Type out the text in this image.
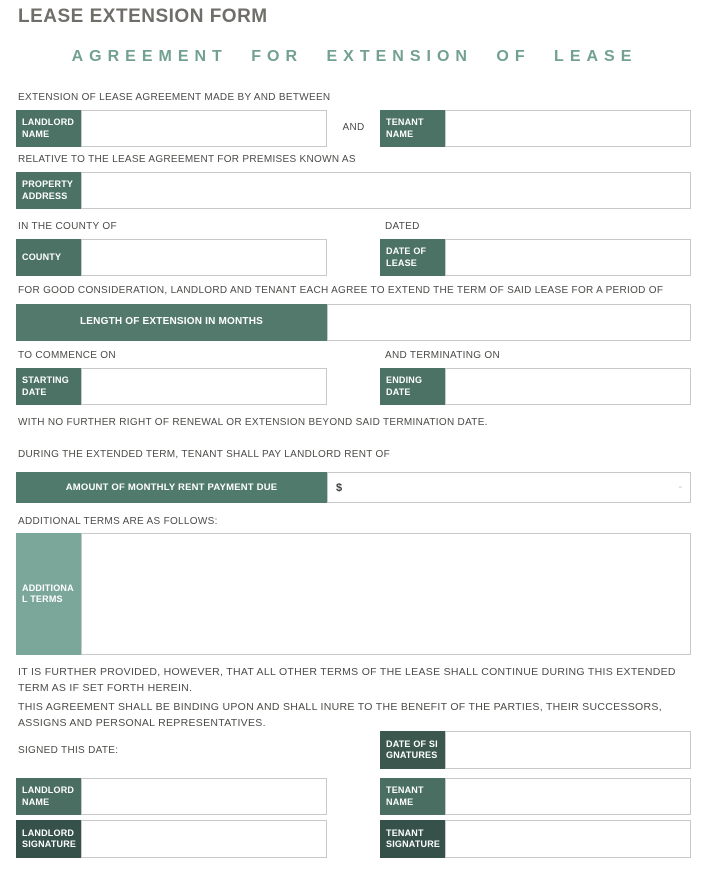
LEASE EXTENSION FORM
AGREEMENT FOR EXTENSION OF LEASE
EXTENSION OF LEASE AGREEMENT MADE BY AND BETWEEN
LANDLORD NAME
AND	TENANT NAME
RELATIVE TO THE LEASE AGREEMENT FOR PREMISES KNOWN AS
PROPERTY ADDRESS
IN THE COUNTY OF	DATED
COUNTY
DATE OF LEASE
FOR GOOD CONSIDERATION, LANDLORD AND TENANT EACH AGREE TO EXTEND THE TERM OF SAID LEASE FOR A PERIOD OF
LENGTH OF EXTENSION IN MONTHS
TO COMMENCE ON	AND TERMINATING ON
STARTING DATE
ENDING DATE
WITH NO FURTHER RIGHT OF RENEWAL OR EXTENSION BEYOND SAID TERMINATION DATE.
DURING THE EXTENDED TERM, TENANT SHALL PAY LANDLORD RENT OF
AMOUNT OF MONTHLY RENT PAYMENT DUE	$	-
ADDITIONAL TERMS ARE AS FOLLOWS:
ADDITIONAL TERMS
IT IS FURTHER PROVIDED, HOWEVER, THAT ALL OTHER TERMS OF THE LEASE SHALL CONTINUE DURING THIS EXTENDED TERM AS IF SET FORTH HEREIN.
THIS AGREEMENT SHALL BE BINDING UPON AND SHALL INURE TO THE BENEFIT OF THE PARTIES, THEIR SUCCESSORS, ASSIGNS AND PERSONAL REPRESENTATIVES.
SIGNED THIS DATE:
DATE OF SIGNATURES
LANDLORD NAME
TENANT NAME
LANDLORD SIGNATURE
TENANT SIGNATURE
